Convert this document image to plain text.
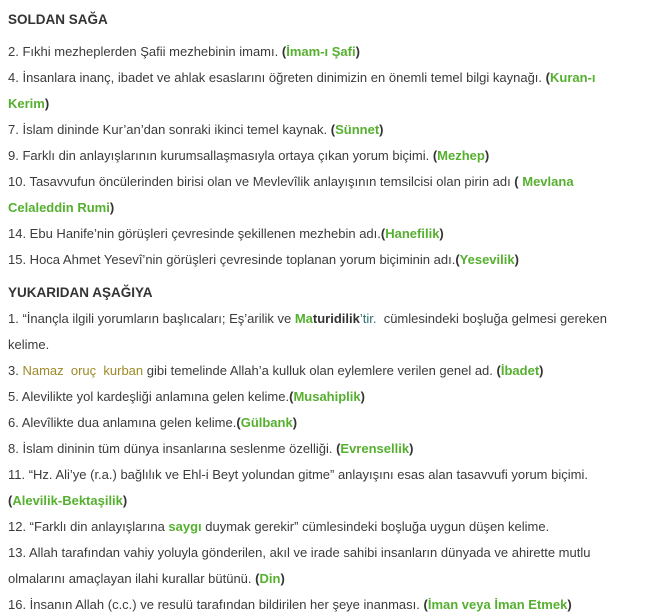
SOLDAN SAĞA
2. Fıkhi mezheplerden Şafii mezhebinin imamı. (İmam-ı Şafi)
4. İnsanlara inanç, ibadet ve ahlak esaslarını öğreten dinimizin en önemli temel bilgi kaynağı. (Kuran-ı
Kerim)
7. İslam dininde Kur’an’dan sonraki ikinci temel kaynak. (Sünnet)
9. Farklı din anlayışlarının kurumsallaşmasıyla ortaya çıkan yorum biçimi. (Mezhep)
10. Tasavvufun öncülerinden birisi olan ve Mevlevîlik anlayışının temsilcisi olan pirin adı ( Mevlana
Celaleddin Rumi)
14. Ebu Hanife’nin görüşleri çevresinde şekillenen mezhebin adı.(Hanefilik)
15. Hoca Ahmet Yesevî’nin görüşleri çevresinde toplanan yorum biçiminin adı.(Yesevilik)
YUKARIDAN AŞAĞIYA
1. “İnançla ilgili yorumların başlıcaları; Eş’arilik ve Maturidilik’tir.  cümlesindeki boşluğa gelmesi gereken
kelime.
3. Namaz  oruç  kurban gibi temelinde Allah’a kulluk olan eylemlere verilen genel ad. (İbadet)
5. Alevilikte yol kardeşliği anlamına gelen kelime.(Musahiplik)
6. Alevîlikte dua anlamına gelen kelime.(Gülbank)
8. İslam dininin tüm dünya insanlarına seslenme özelliği. (Evrensellik)
11. “Hz. Ali’ye (r.a.) bağlılık ve Ehl-i Beyt yolundan gitme” anlayışını esas alan tasavvufi yorum biçimi.
(Alevilik-Bektaşilik)
12. “Farklı din anlayışlarına saygı duymak gerekir” cümlesindeki boşluğa uygun düşen kelime.
13. Allah tarafından vahiy yoluyla gönderilen, akıl ve irade sahibi insanların dünyada ve ahirette mutlu
olmalarını amaçlayan ilahi kurallar bütünü. (Din)
16. İnsanın Allah (c.c.) ve resulü tarafından bildirilen her şeye inanması. (İman veya İman Etmek)
